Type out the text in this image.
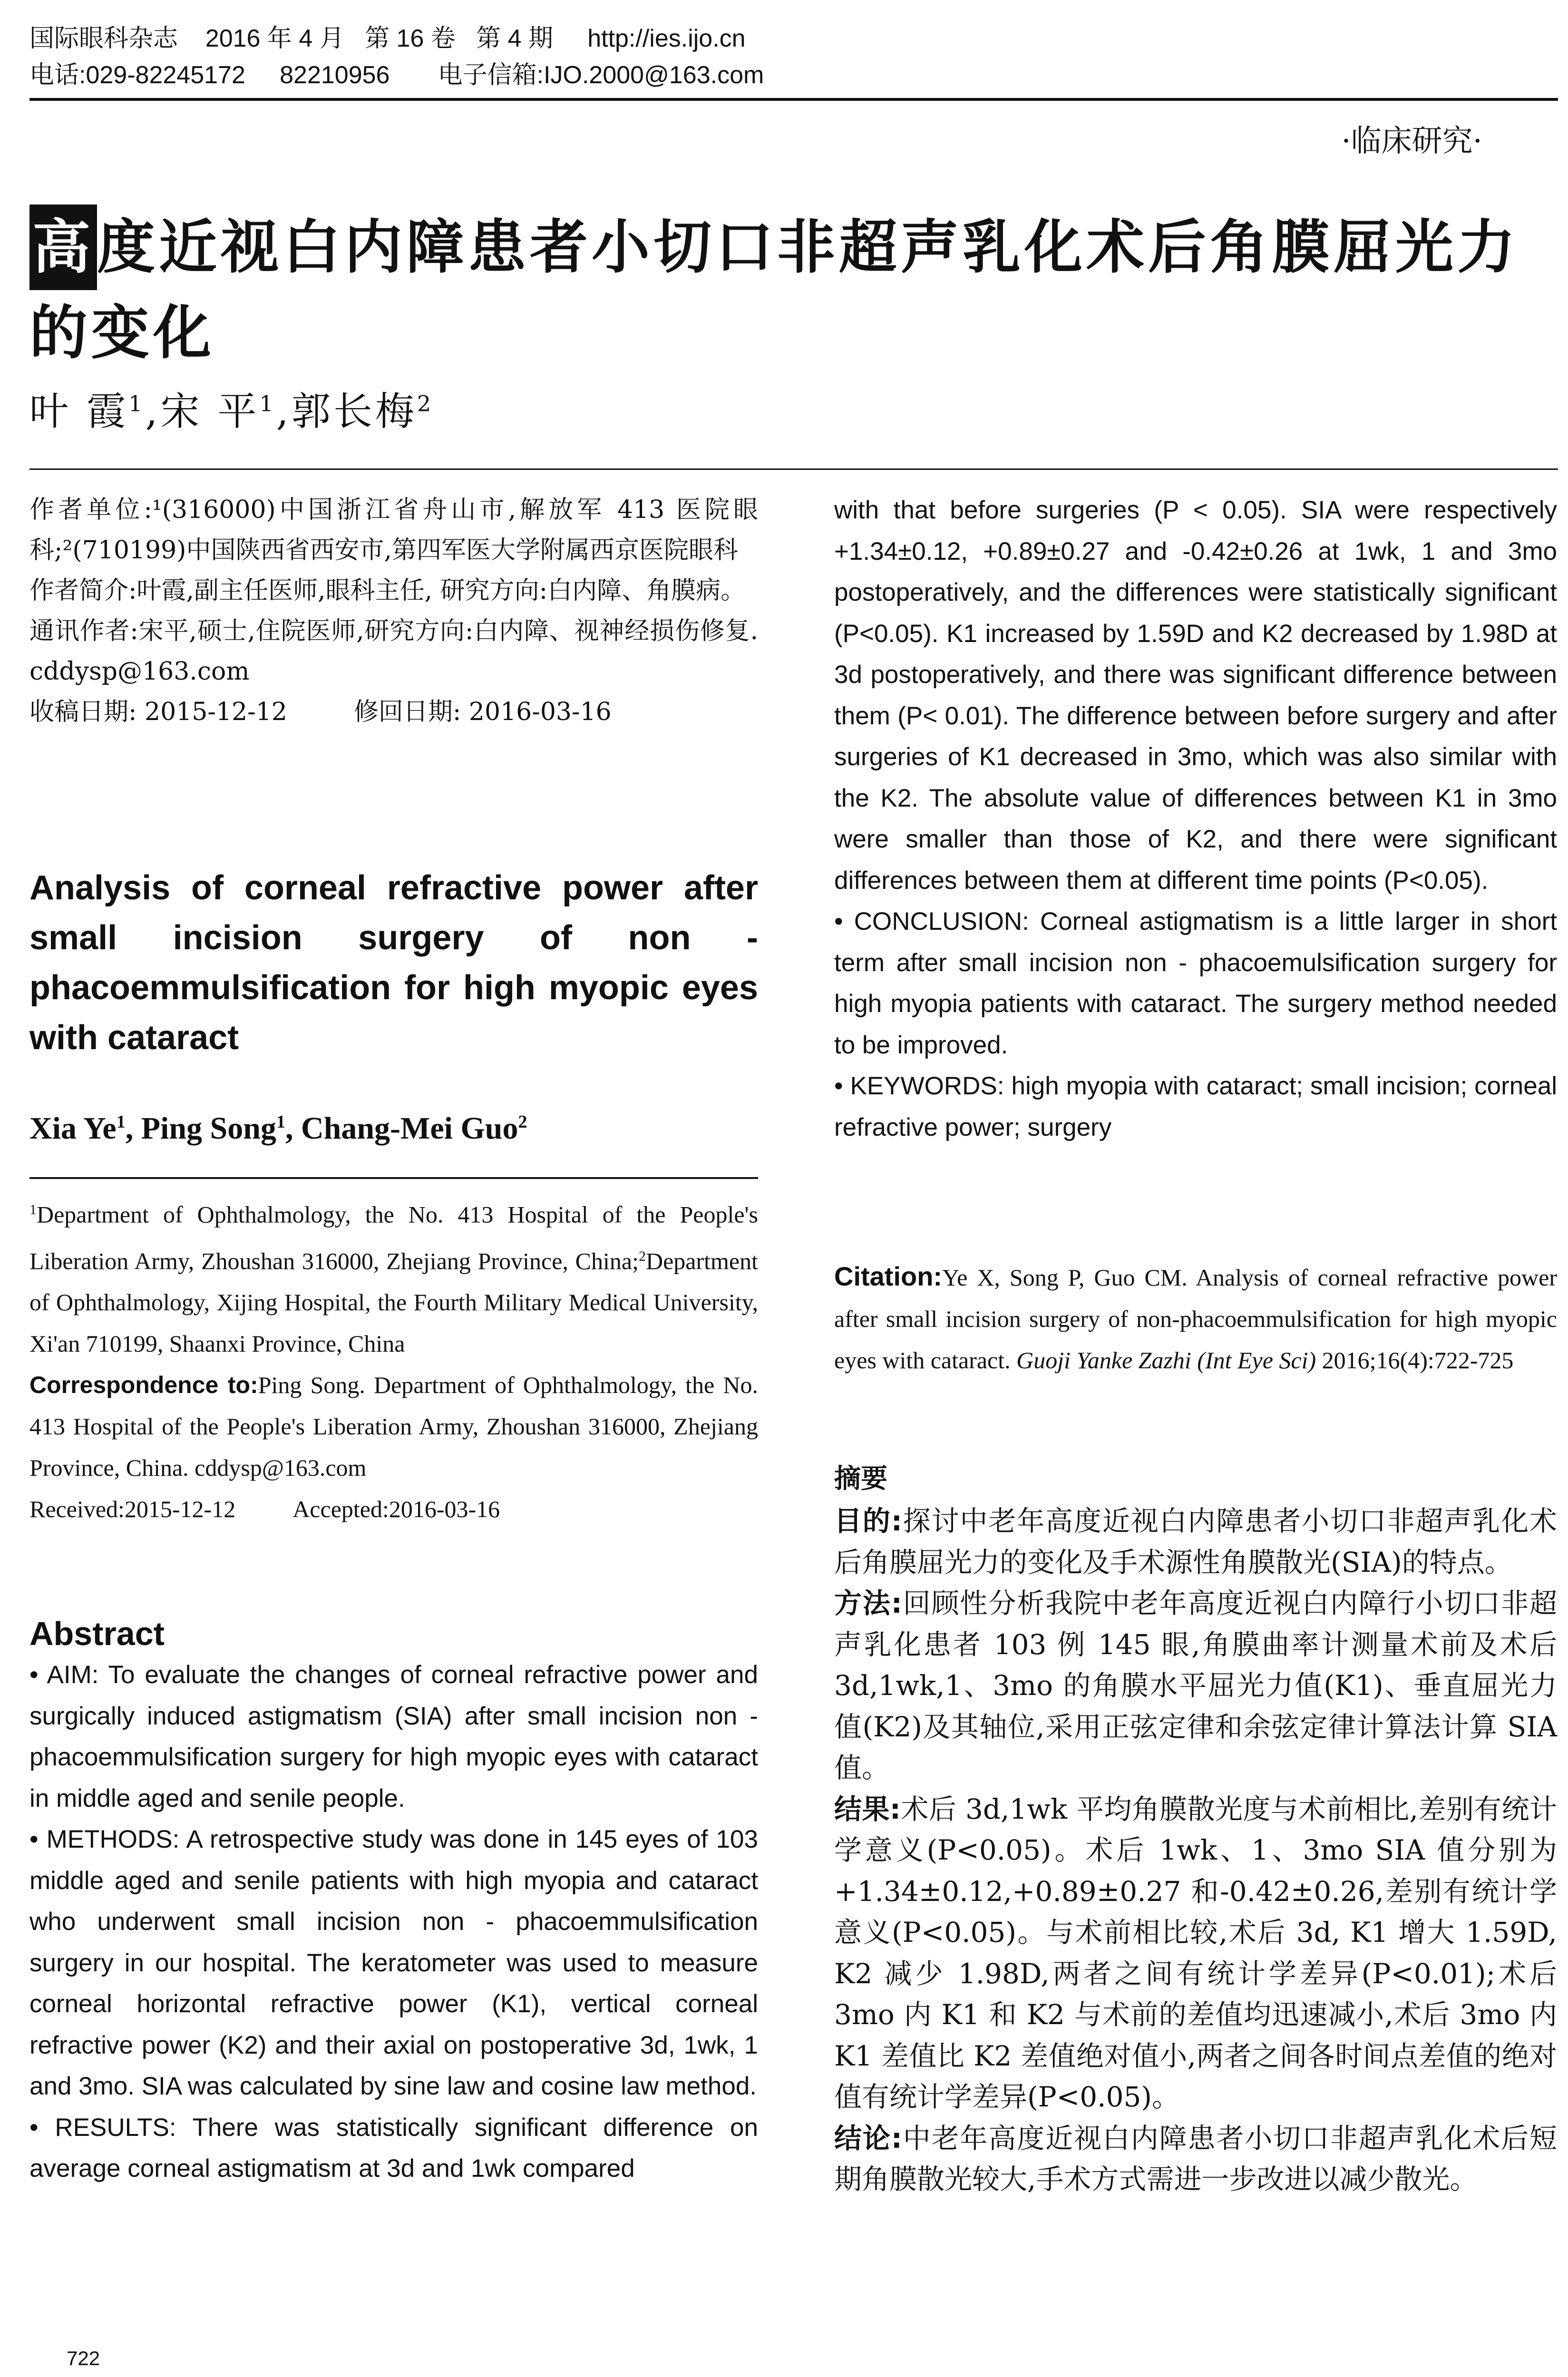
国际眼科杂志    2016 年 4 月   第 16 卷   第 4 期     http://ies.ijo.cn
电话:029-82245172     82210956       电子信箱:IJO.2000@163.com
·临床研究·
高度近视白内障患者小切口非超声乳化术后角膜屈光力的变化
叶 霞$^1$,宋 平$^1$,郭长梅$^2$
作者单位:¹(316000)中国浙江省舟山市,解放军 413 医院眼科;²(710199)中国陕西省西安市,第四军医大学附属西京医院眼科
作者简介:叶霞,副主任医师,眼科主任, 研究方向:白内障、角膜病。
通讯作者:宋平,硕士,住院医师,研究方向:白内障、视神经损伤修复. cddysp@163.com
收稿日期: 2015-12-12	修回日期: 2016-03-16
Analysis of corneal refractive power after small incision surgery of non - phacoemmulsification for high myopic eyes with cataract
Xia Ye$^1$, Ping Song$^1$, Chang-Mei Guo$^2$
$^1$Department of Ophthalmology, the No. 413 Hospital of the People's Liberation Army, Zhoushan 316000, Zhejiang Province, China;$^2$Department of Ophthalmology, Xijing Hospital, the Fourth Military Medical University, Xi'an 710199, Shaanxi Province, China
Correspondence to:Ping Song. Department of Ophthalmology, the No. 413 Hospital of the People's Liberation Army, Zhoushan 316000, Zhejiang Province, China. cddysp@163.com
Received:2015-12-12 Accepted:2016-03-16
Abstract

• AIM: To evaluate the changes of corneal refractive power and surgically induced astigmatism (SIA) after small incision non - phacoemmulsification surgery for high myopic eyes with cataract in middle aged and senile people.

• METHODS: A retrospective study was done in 145 eyes of 103 middle aged and senile patients with high myopia and cataract who underwent small incision non - phacoemmulsification surgery in our hospital. The keratometer was used to measure corneal horizontal refractive power (K1), vertical corneal refractive power (K2) and their axial on postoperative 3d, 1wk, 1 and 3mo. SIA was calculated by sine law and cosine law method.

• RESULTS: There was statistically significant difference on average corneal astigmatism at 3d and 1wk compared

with that before surgeries (P < 0.05). SIA were respectively +1.34±0.12, +0.89±0.27 and -0.42±0.26 at 1wk, 1 and 3mo postoperatively, and the differences were statistically significant (P<0.05). K1 increased by 1.59D and K2 decreased by 1.98D at 3d postoperatively, and there was significant difference between them (P< 0.01). The difference between before surgery and after surgeries of K1 decreased in 3mo, which was also similar with the K2. The absolute value of differences between K1 in 3mo were smaller than those of K2, and there were significant differences between them at different time points (P<0.05).

• CONCLUSION: Corneal astigmatism is a little larger in short term after small incision non - phacoemulsification surgery for high myopia patients with cataract. The surgery method needed to be improved.

• KEYWORDS: high myopia with cataract; small incision; corneal refractive power; surgery

Citation:Ye X, Song P, Guo CM. Analysis of corneal refractive power after small incision surgery of non-phacoemmulsification for high myopic eyes with cataract. Guoji Yanke Zazhi (Int Eye Sci) 2016;16(4):722-725
摘要

目的:探讨中老年高度近视白内障患者小切口非超声乳化术后角膜屈光力的变化及手术源性角膜散光(SIA)的特点。

方法:回顾性分析我院中老年高度近视白内障行小切口非超声乳化患者 103 例 145 眼,角膜曲率计测量术前及术后 3d,1wk,1、3mo 的角膜水平屈光力值(K1)、垂直屈光力值(K2)及其轴位,采用正弦定律和余弦定律计算法计算 SIA 值。

结果:术后 3d,1wk 平均角膜散光度与术前相比,差别有统计学意义(P<0.05)。术后 1wk、1、3mo SIA 值分别为+1.34±0.12,+0.89±0.27 和-0.42±0.26,差别有统计学意义(P<0.05)。与术前相比较,术后 3d, K1 增大 1.59D, K2 减少 1.98D,两者之间有统计学差异(P<0.01);术后 3mo 内 K1 和 K2 与术前的差值均迅速减小,术后 3mo 内 K1 差值比 K2 差值绝对值小,两者之间各时间点差值的绝对值有统计学差异(P<0.05)。

结论:中老年高度近视白内障患者小切口非超声乳化术后短期角膜散光较大,手术方式需进一步改进以减少散光。

722
